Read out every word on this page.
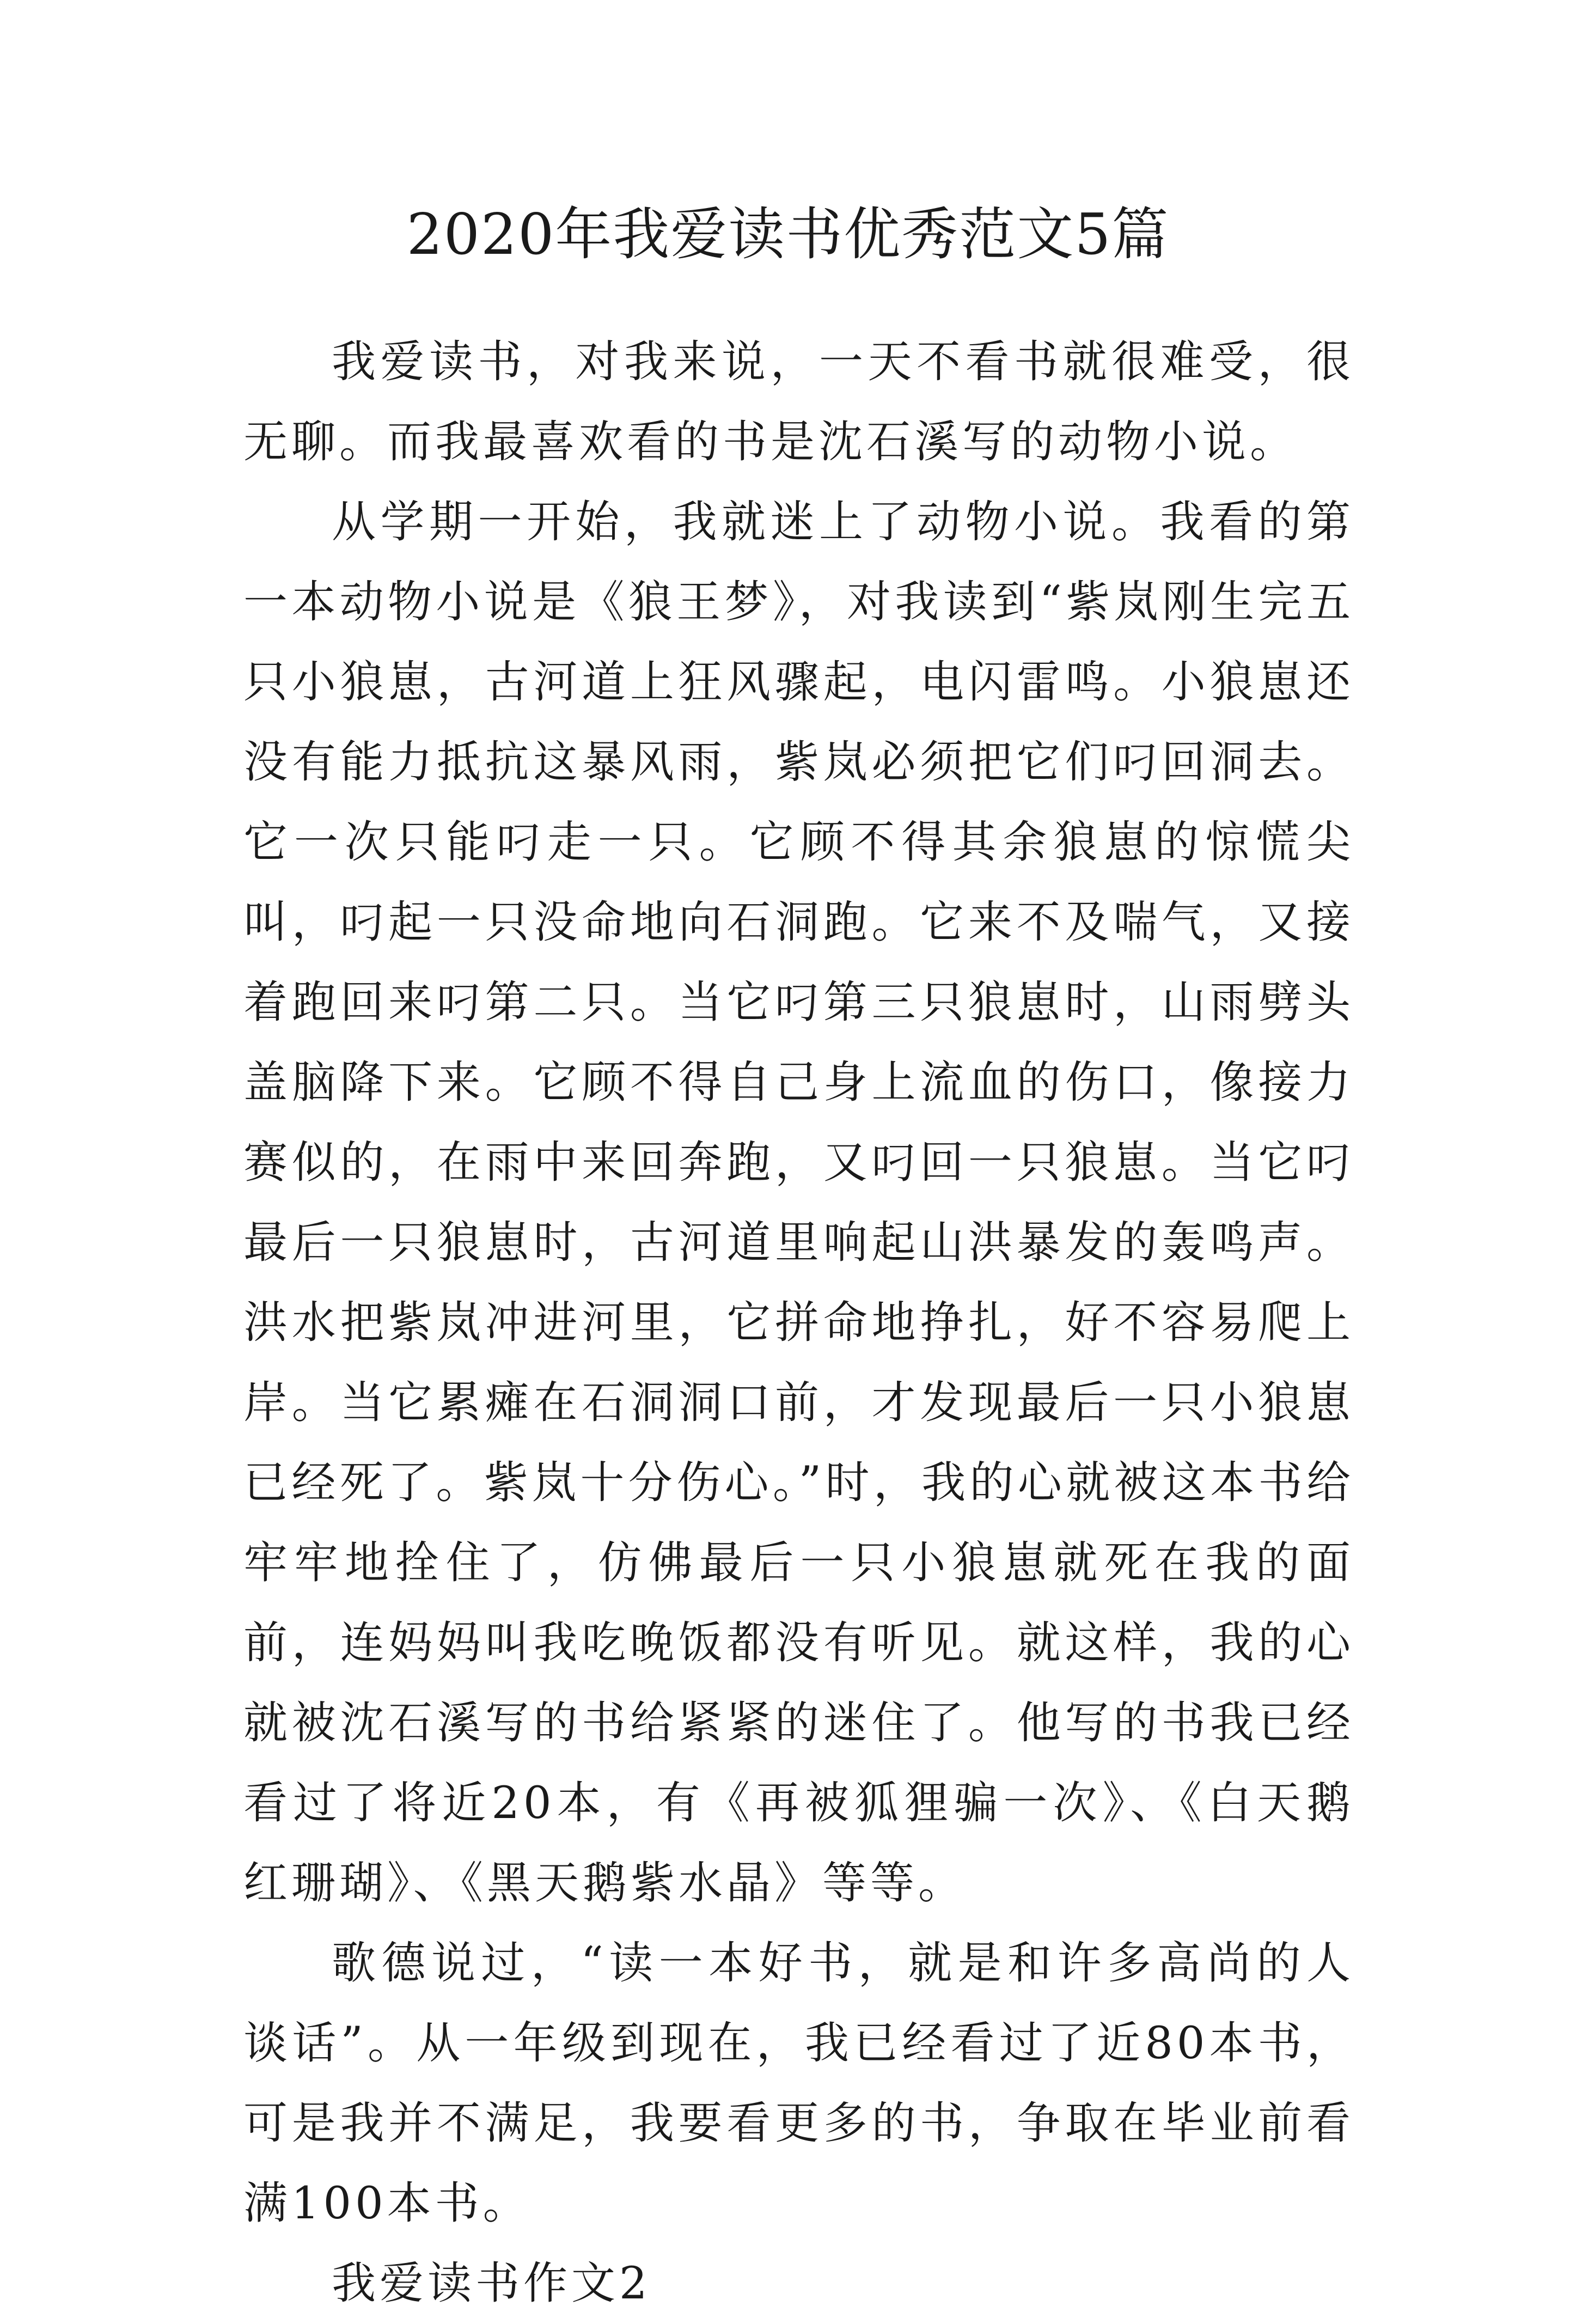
2020年我爱读书优秀范文5篇

我爱读书，对我来说，一天不看书就很难受，很无聊。而我最喜欢看的书是沈石溪写的动物小说。

从学期一开始，我就迷上了动物小说。我看的第一本动物小说是《狼王梦》，对我读到“紫岚刚生完五只小狼崽，古河道上狂风骤起，电闪雷鸣。小狼崽还没有能力抵抗这暴风雨，紫岚必须把它们叼回洞去。它一次只能叼走一只。它顾不得其余狼崽的惊慌尖叫，叼起一只没命地向石洞跑。它来不及喘气，又接着跑回来叼第二只。当它叼第三只狼崽时，山雨劈头盖脑降下来。它顾不得自己身上流血的伤口，像接力赛似的，在雨中来回奔跑，又叼回一只狼崽。当它叼最后一只狼崽时，古河道里响起山洪暴发的轰鸣声。洪水把紫岚冲进河里，它拼命地挣扎，好不容易爬上岸。当它累瘫在石洞洞口前，才发现最后一只小狼崽已经死了。紫岚十分伤心。”时，我的心就被这本书给牢牢地拴住了，仿佛最后一只小狼崽就死在我的面前，连妈妈叫我吃晚饭都没有听见。就这样，我的心就被沈石溪写的书给紧紧的迷住了。他写的书我已经看过了将近20本，有《再被狐狸骗一次》、《白天鹅红珊瑚》、《黑天鹅紫水晶》等等。

歌德说过，“读一本好书，就是和许多高尚的人谈话”。从一年级到现在，我已经看过了近80本书，可是我并不满足，我要看更多的书，争取在毕业前看满100本书。

我爱读书作文2
